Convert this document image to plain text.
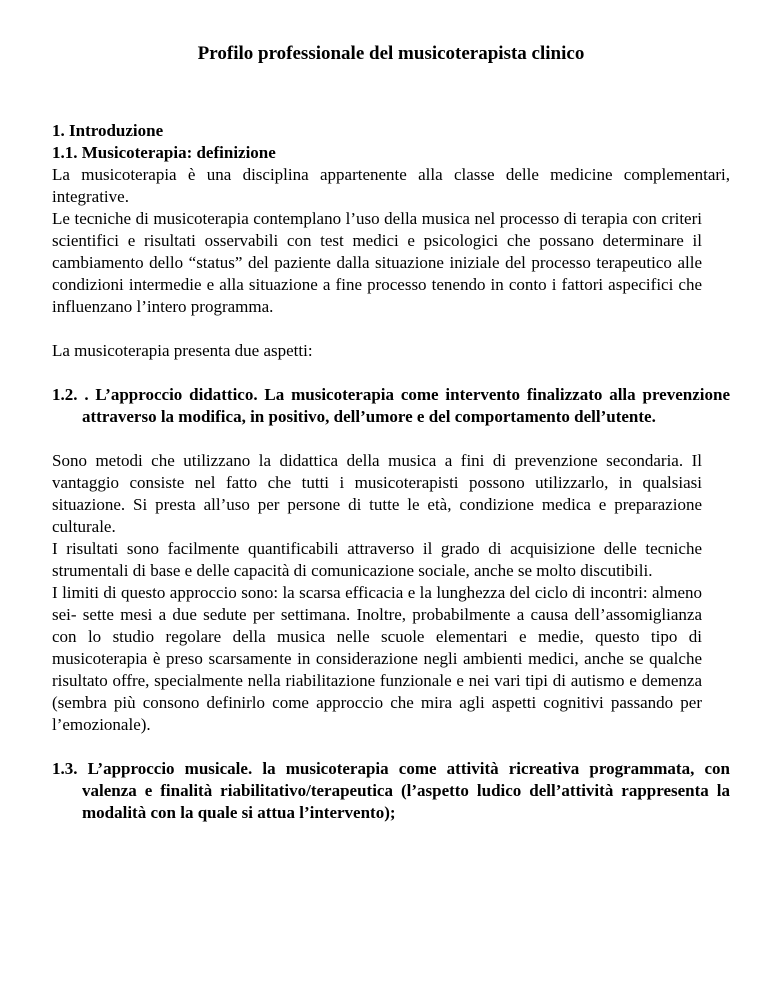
Profilo professionale del musicoterapista clinico
1. Introduzione
1.1. Musicoterapia: definizione

La musicoterapia è una disciplina appartenente alla classe delle medicine complementari, integrative.

Le tecniche di musicoterapia contemplano l’uso della musica nel processo di terapia con criteri scientifici e risultati osservabili con test medici e psicologici che possano determinare il cambiamento dello “status” del paziente dalla situazione iniziale del processo terapeutico alle condizioni intermedie e alla situazione a fine processo tenendo in conto i fattori aspecifici che influenzano l’intero programma.

La musicoterapia presenta due aspetti:

1.2. . L’approccio didattico. La musicoterapia come intervento finalizzato alla prevenzione attraverso la modifica, in positivo, dell’umore e del comportamento dell’utente.

Sono metodi che utilizzano la didattica della musica a fini di prevenzione secondaria. Il vantaggio consiste nel fatto che tutti i musicoterapisti possono utilizzarlo, in qualsiasi situazione. Si presta all’uso per persone di tutte le età, condizione medica e preparazione culturale.

I risultati sono facilmente quantificabili attraverso il grado di acquisizione delle tecniche strumentali di base e delle capacità di comunicazione sociale, anche se molto discutibili.

I limiti di questo approccio sono: la scarsa efficacia e la lunghezza del ciclo di incontri: almeno sei- sette mesi a due sedute per settimana. Inoltre, probabilmente a causa dell’assomiglianza con lo studio regolare della musica nelle scuole elementari e medie, questo tipo di musicoterapia è preso scarsamente in considerazione negli ambienti medici, anche se qualche risultato offre, specialmente nella riabilitazione funzionale e nei vari tipi di autismo e demenza (sembra più consono definirlo come approccio che mira agli aspetti cognitivi passando per l’emozionale).

1.3. L’approccio musicale. la musicoterapia come attività ricreativa programmata, con valenza e finalità riabilitativo/terapeutica (l’aspetto ludico dell’attività rappresenta la modalità con la quale si attua l’intervento);
